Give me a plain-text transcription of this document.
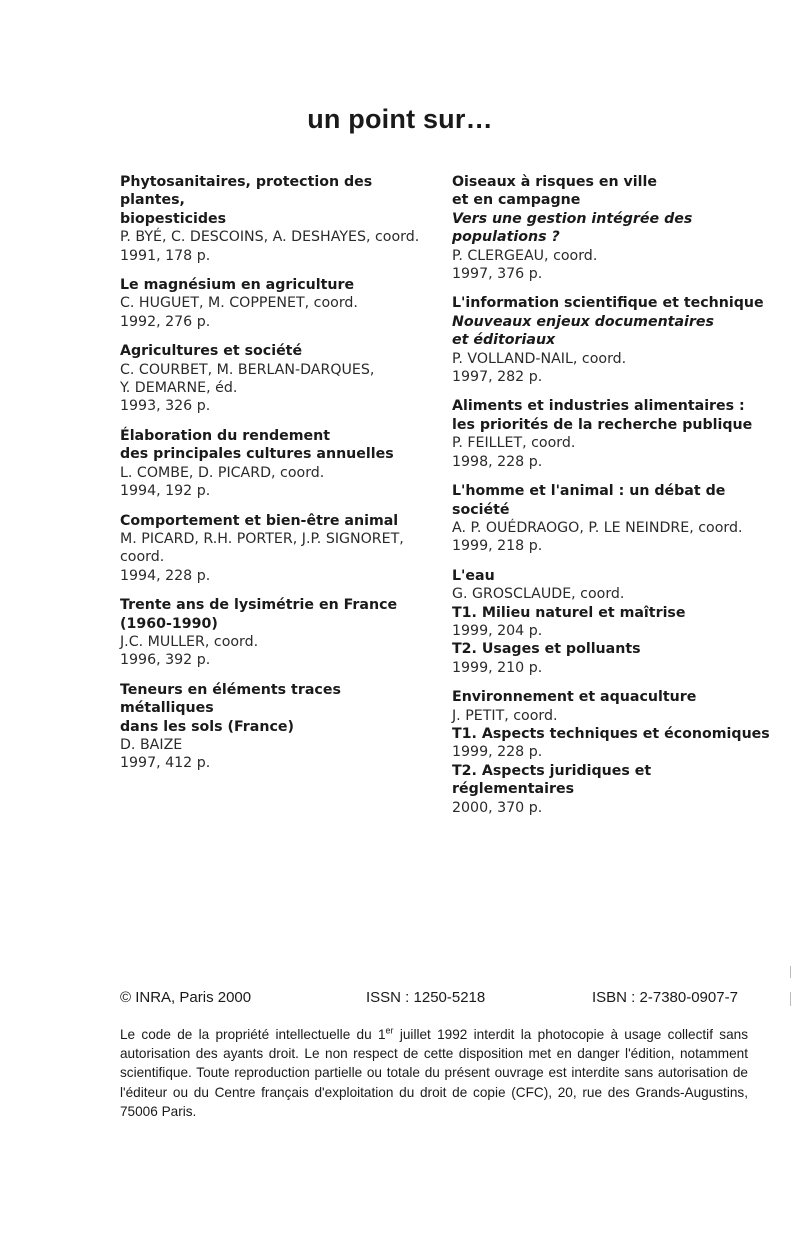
un point sur…
Phytosanitaires, protection des plantes,
biopesticides
P. BYÉ, C. DESCOINS, A. DESHAYES, coord.
1991, 178 p.
Le magnésium en agriculture
C. HUGUET, M. COPPENET, coord.
1992, 276 p.
Agricultures et société
C. COURBET, M. BERLAN-DARQUES,
Y. DEMARNE, éd.
1993, 326 p.
Élaboration du rendement
des principales cultures annuelles
L. COMBE, D. PICARD, coord.
1994, 192 p.
Comportement et bien-être animal
M. PICARD, R.H. PORTER, J.P. SIGNORET,
coord.
1994, 228 p.
Trente ans de lysimétrie en France
(1960-1990)
J.C. MULLER, coord.
1996, 392 p.
Teneurs en éléments traces métalliques
dans les sols (France)
D. BAIZE
1997, 412 p.
Oiseaux à risques en ville
et en campagne
Vers une gestion intégrée des populations ?
P. CLERGEAU, coord.
1997, 376 p.
L'information scientifique et technique
Nouveaux enjeux documentaires
et éditoriaux
P. VOLLAND-NAIL, coord.
1997, 282 p.
Aliments et industries alimentaires :
les priorités de la recherche publique
P. FEILLET, coord.
1998, 228 p.
L'homme et l'animal : un débat de société
A. P. OUÉDRAOGO, P. LE NEINDRE, coord.
1999, 218 p.
L'eau
G. GROSCLAUDE, coord.
T1. Milieu naturel et maîtrise
1999, 204 p.
T2. Usages et polluants
1999, 210 p.
Environnement et aquaculture
J. PETIT, coord.
T1. Aspects techniques et économiques
1999, 228 p.
T2. Aspects juridiques et réglementaires
2000, 370 p.
© INRA, Paris 2000	ISSN : 1250-5218	ISBN : 2-7380-0907-7
Le code de la propriété intellectuelle du 1er juillet 1992 interdit la photocopie à usage collectif sans autorisation des ayants droit. Le non respect de cette disposition met en danger l'édition, notamment scientifique. Toute reproduction partielle ou totale du présent ouvrage est interdite sans autorisation de l'éditeur ou du Centre français d'exploitation du droit de copie (CFC), 20, rue des Grands-Augustins, 75006 Paris.
